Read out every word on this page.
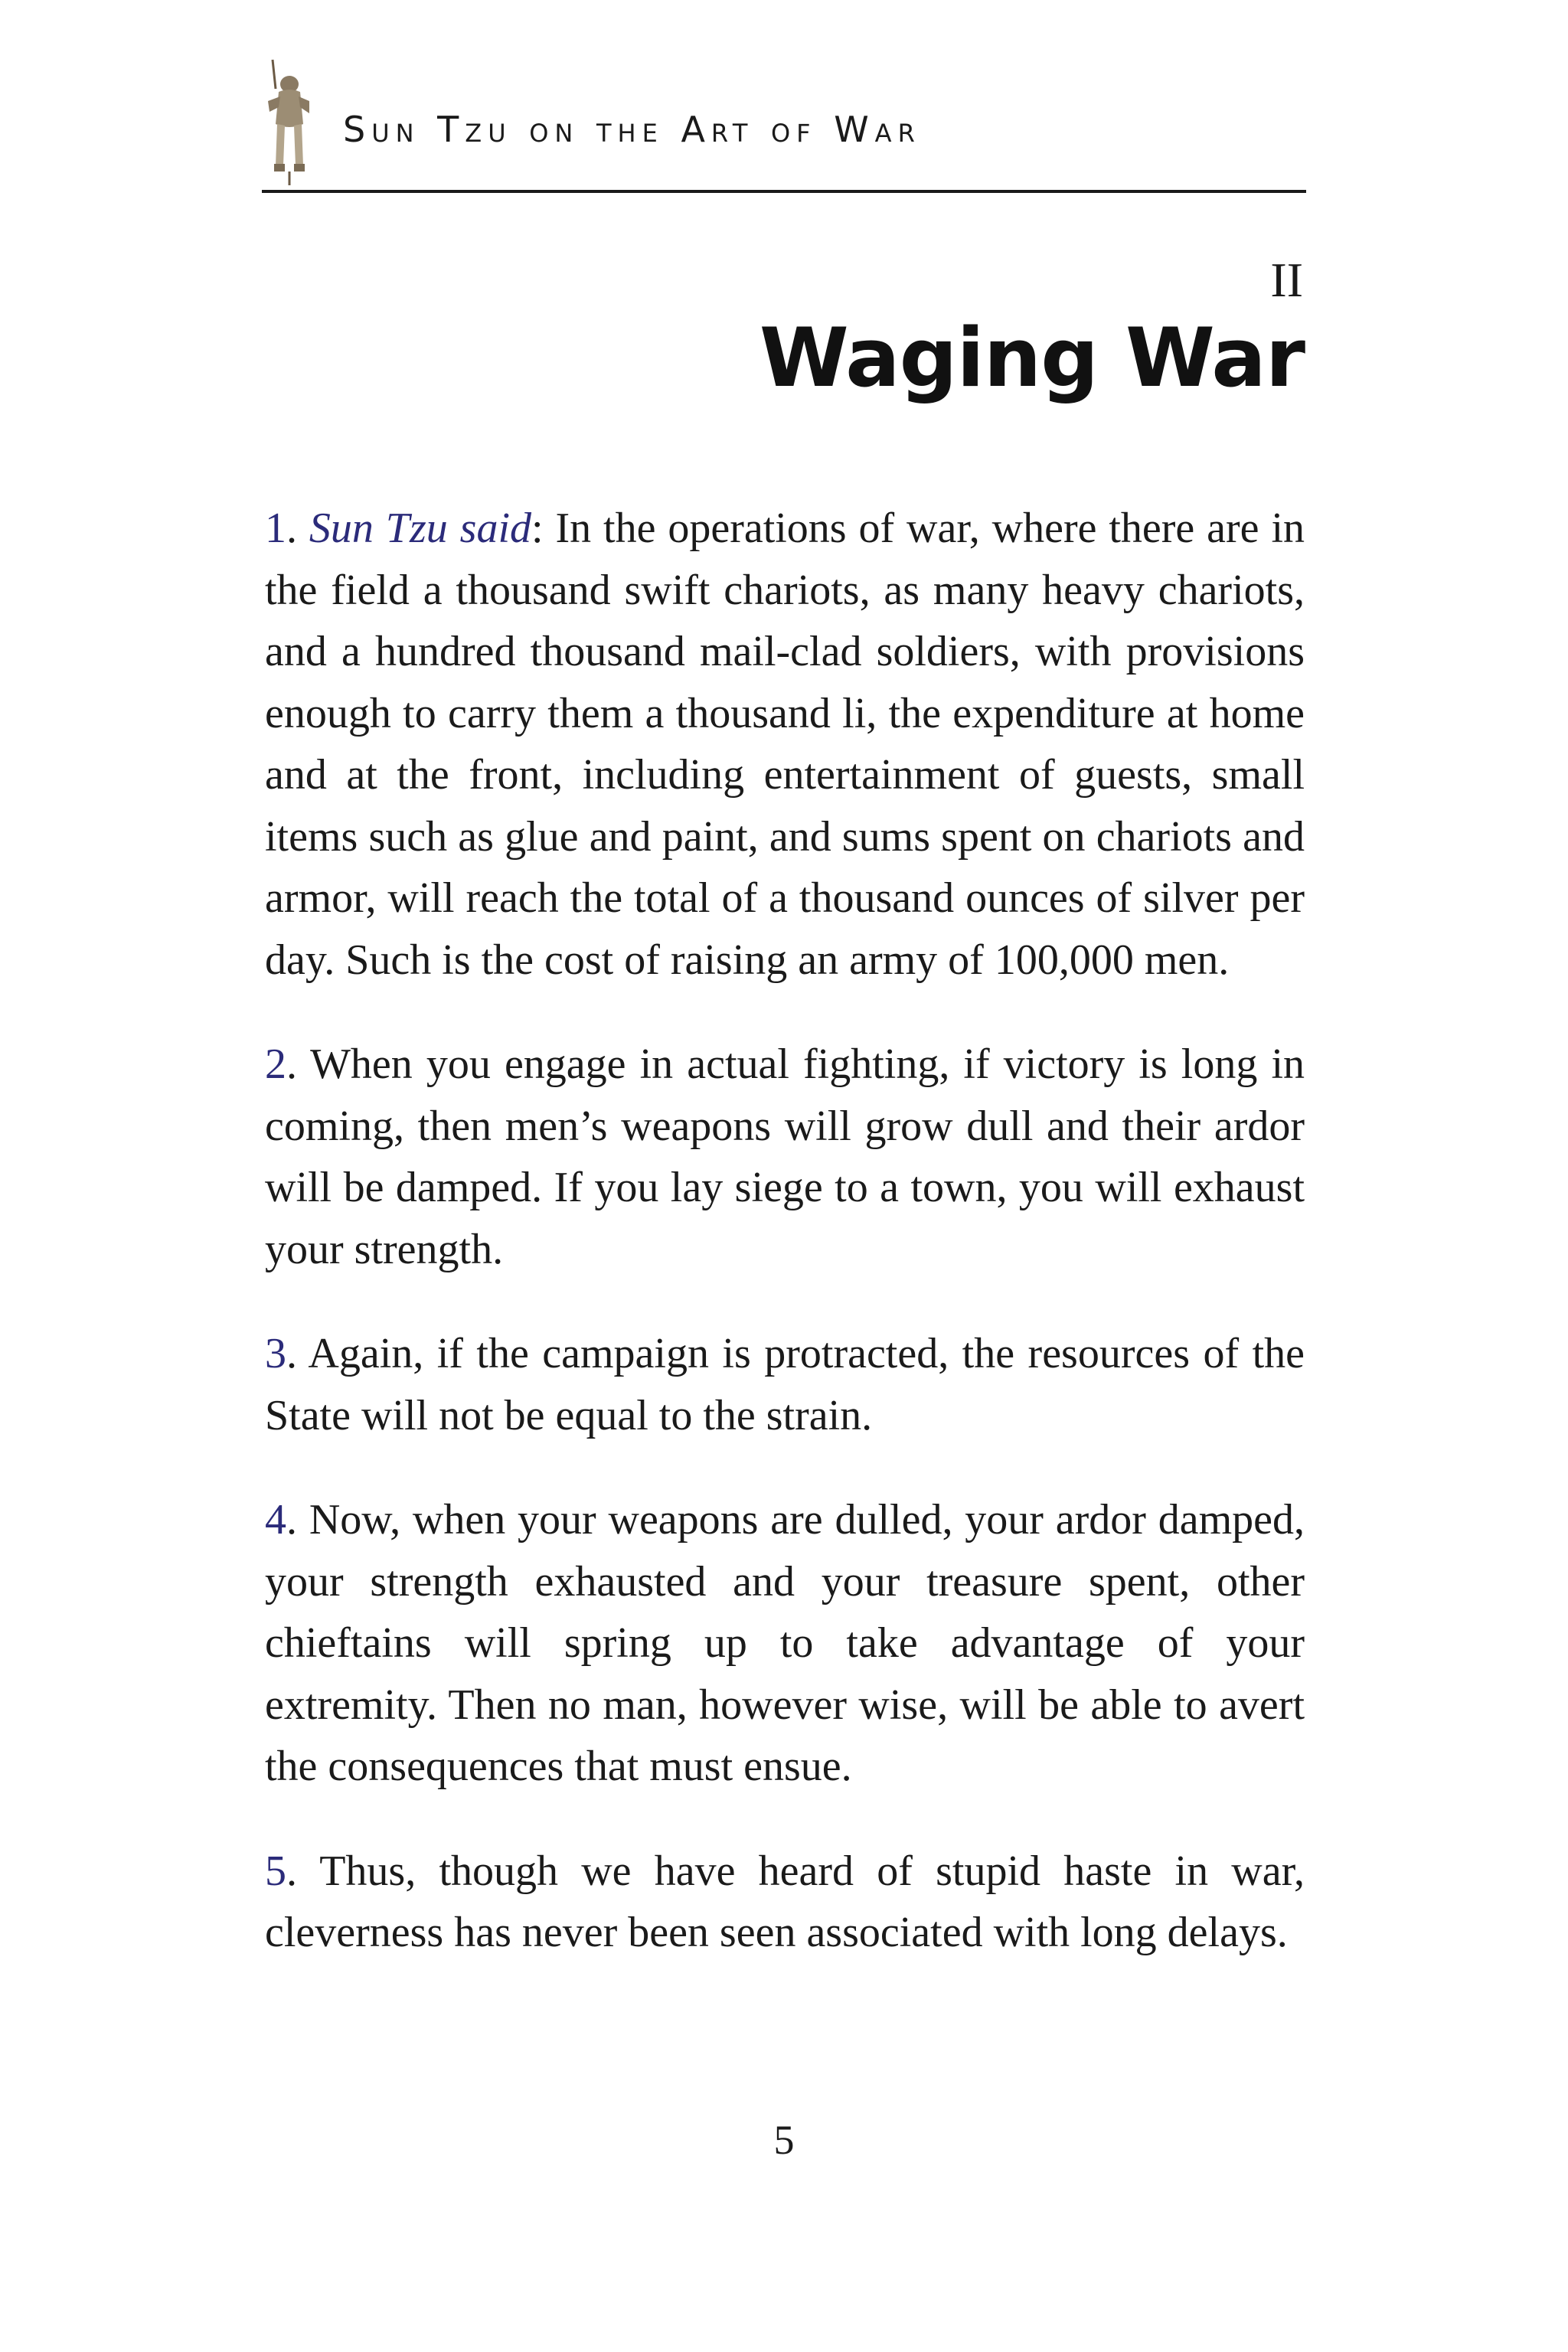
Sun Tzu on the Art of War
II
Waging War

1. Sun Tzu said: In the operations of war, where there are in the field a thousand swift chariots, as many heavy chariots, and a hundred thousand mail-clad soldiers, with provisions enough to carry them a thousand li, the expenditure at home and at the front, including entertainment of guests, small items such as glue and paint, and sums spent on chariots and armor, will reach the total of a thousand ounces of silver per day. Such is the cost of raising an army of 100,000 men.

2. When you engage in actual fighting, if victory is long in coming, then men’s weapons will grow dull and their ardor will be damped. If you lay siege to a town, you will exhaust your strength.

3. Again, if the campaign is protracted, the resources of the State will not be equal to the strain.

4. Now, when your weapons are dulled, your ardor damped, your strength exhausted and your treasure spent, other chieftains will spring up to take advantage of your extremity. Then no man, however wise, will be able to avert the consequences that must ensue.

5. Thus, though we have heard of stupid haste in war, cleverness has never been seen associated with long delays.

5
